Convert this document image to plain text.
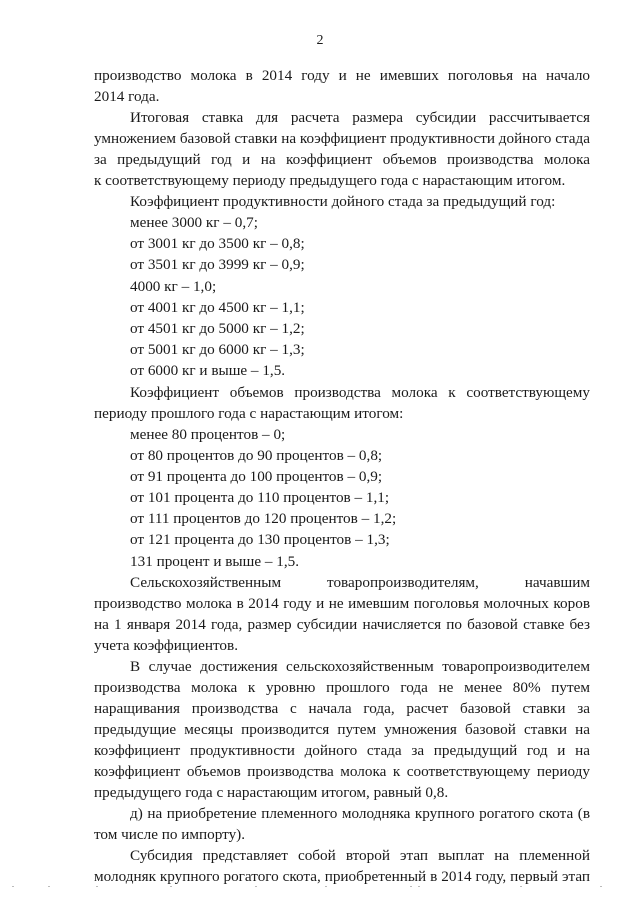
2
производство молока в 2014 году и не имевших поголовья на начало
2014 года.
Итоговая ставка для расчета размера субсидии рассчитывается
умножением базовой ставки на коэффициент продуктивности дойного стада
за предыдущий год и на коэффициент объемов производства молока
к соответствующему периоду предыдущего года с нарастающим итогом.
Коэффициент продуктивности дойного стада за предыдущий год:
менее 3000 кг – 0,7;
от 3001 кг до 3500 кг – 0,8;
от 3501 кг до 3999 кг – 0,9;
4000 кг – 1,0;
от 4001 кг до 4500 кг – 1,1;
от 4501 кг до 5000 кг – 1,2;
от 5001 кг до 6000 кг – 1,3;
от 6000 кг и выше – 1,5.
Коэффициент объемов производства молока к соответствующему
периоду прошлого года с нарастающим итогом:
менее 80 процентов – 0;
от 80 процентов до 90 процентов – 0,8;
от 91 процента до 100 процентов – 0,9;
от 101 процента до 110 процентов – 1,1;
от 111 процентов до 120 процентов – 1,2;
от 121 процента до 130 процентов – 1,3;
131 процент и выше – 1,5.
Сельскохозяйственным товаропроизводителям, начавшим
производство молока в 2014 году и не имевшим поголовья молочных коров
на 1 января 2014 года, размер субсидии начисляется по базовой ставке без
учета коэффициентов.
В случае достижения сельскохозяйственным товаропроизводителем
производства молока к уровню прошлого года не менее 80% путем
наращивания производства с начала года, расчет базовой ставки за
предыдущие месяцы производится путем умножения базовой ставки на
коэффициент продуктивности дойного стада за предыдущий год и на
коэффициент объемов производства молока к соответствующему периоду
предыдущего года с нарастающим итогом, равный 0,8.
д) на приобретение племенного молодняка крупного рогатого скота (в
том числе по импорту).
Субсидия представляет собой второй этап выплат на племенной
молодняк крупного рогатого скота, приобретенный в 2014 году, первый этап
